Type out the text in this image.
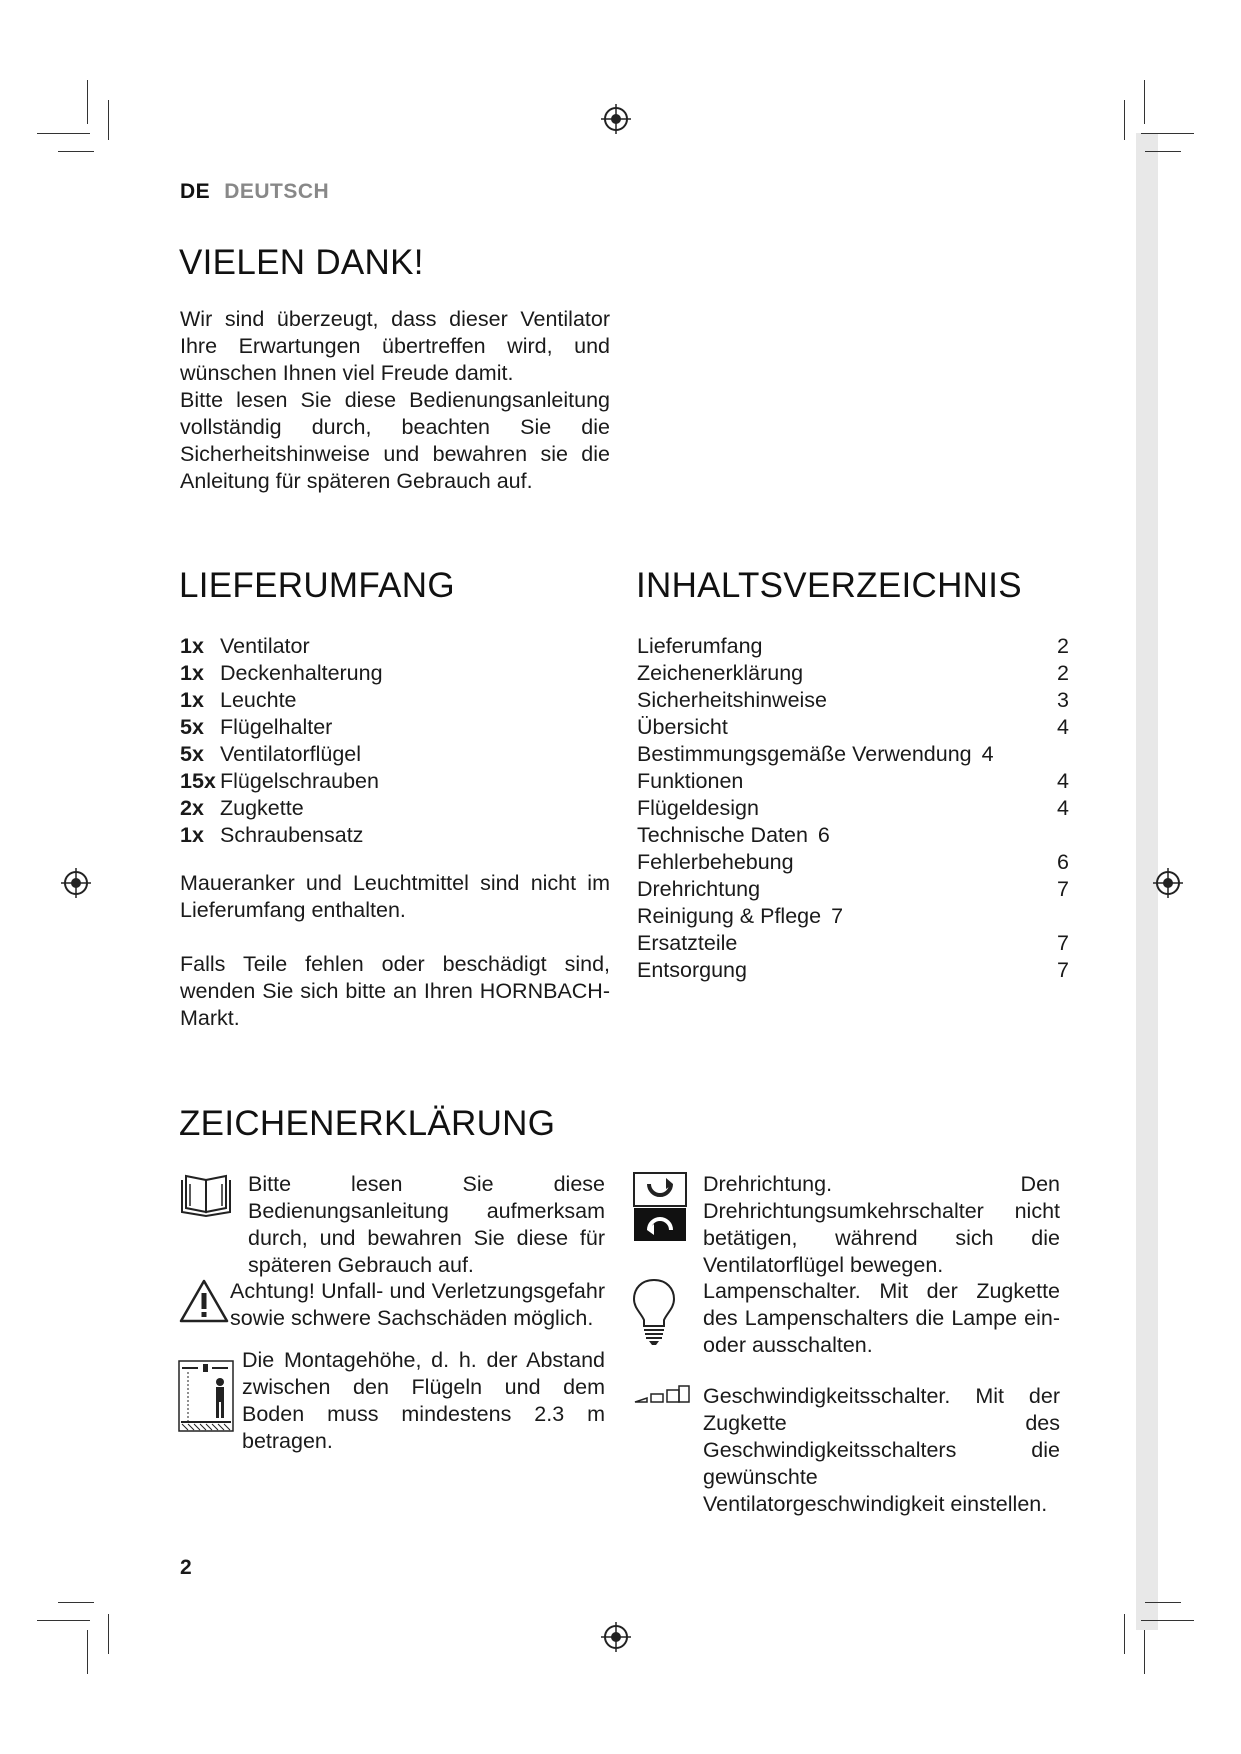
DE DEUTSCH
VIELEN DANK!

Wir sind überzeugt, dass dieser Ventilator Ihre Erwartungen übertreffen wird, und wünschen Ihnen viel Freude damit.

Bitte lesen Sie diese Bedienungsanleitung vollständig durch, beachten Sie die Sicherheitshinweise und bewahren sie die Anleitung für späteren Gebrauch auf.

LIEFERUMFANG
1x Ventilator
1x Deckenhalterung
1x Leuchte
5x Flügelhalter
5x Ventilatorflügel
15x Flügelschrauben
2x Zugkette
1x Schraubensatz
Maueranker und Leuchtmittel sind nicht im Lieferumfang enthalten.
Falls Teile fehlen oder beschädigt sind, wenden Sie sich bitte an Ihren HORNBACH-Markt.
INHALTSVERZEICHNIS
Lieferumfang	2
Zeichenerklärung	2
Sicherheitshinweise	3
Übersicht	4
Bestimmungsgemäße Verwendung 4
Funktionen	4
Flügeldesign	4
Technische Daten 6
Fehlerbehebung	6
Drehrichtung	7
Reinigung & Pflege 7
Ersatzteile	7
Entsorgung	7
ZEICHENERKLÄRUNG
Bitte lesen Sie diese Bedienungsanleitung aufmerksam durch, und bewahren Sie diese für späteren Gebrauch auf.
Achtung! Unfall- und Verletzungsgefahr sowie schwere Sachschäden möglich.
Die Montagehöhe, d. h. der Abstand zwischen den Flügeln und dem Boden muss mindestens 2.3 m betragen.
Drehrichtung. Den Drehrichtungsumkehrschalter nicht betätigen, während sich die Ventilatorflügel bewegen.
Lampenschalter. Mit der Zugkette des Lampenschalters die Lampe ein- oder ausschalten.
Geschwindigkeitsschalter. Mit der Zugkette des Geschwindigkeitsschalters die gewünschte Ventilatorgeschwindigkeit einstellen.
2
